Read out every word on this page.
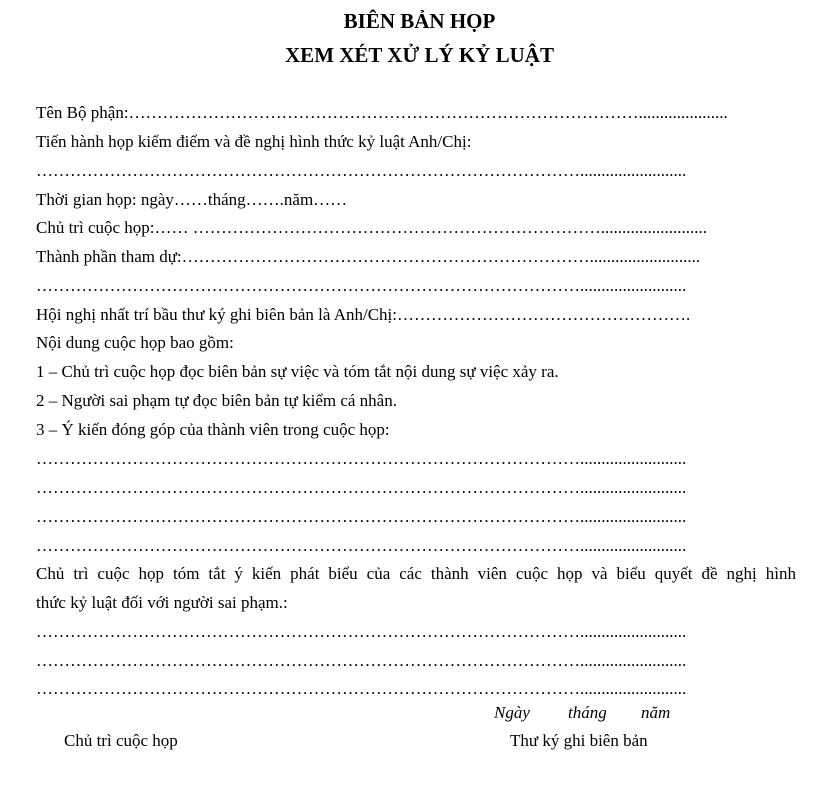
BIÊN BẢN HỌP
XEM XÉT XỬ LÝ KỶ LUẬT
Tên Bộ phận:……………………………………………………………………………….....................
Tiến hành họp kiểm điểm và đề nghị hình thức kỷ luật Anh/Chị:
…………………………………………………………………………………….........................
Thời gian họp: ngày……tháng…….năm……
Chủ trì cuộc họp:…… ……………………………………………………………….........................
Thành phần tham dự:………………………………………………………………..........................
…………………………………………………………………………………….........................
Hội nghị nhất trí bầu thư ký ghi biên bản là Anh/Chị:…………………………………………….
Nội dung cuộc họp bao gồm:
1 – Chủ trì cuộc họp đọc biên bản sự việc và tóm tắt nội dung sự việc xảy ra.
2 – Người sai phạm tự đọc biên bản tự kiểm cá nhân.
3 – Ý kiến đóng góp của thành viên trong cuộc họp:
…………………………………………………………………………………….........................
…………………………………………………………………………………….........................
…………………………………………………………………………………….........................
…………………………………………………………………………………….........................
Chủ trì cuộc họp tóm tắt ý kiến phát biểu của các thành viên cuộc họp và biểu quyết đề nghị hình
thức kỷ luật đối với người sai phạm.:
…………………………………………………………………………………….........................
…………………………………………………………………………………….........................
…………………………………………………………………………………….........................
Ngày tháng năm
Chủ trì cuộc họp	Thư ký ghi biên bản
